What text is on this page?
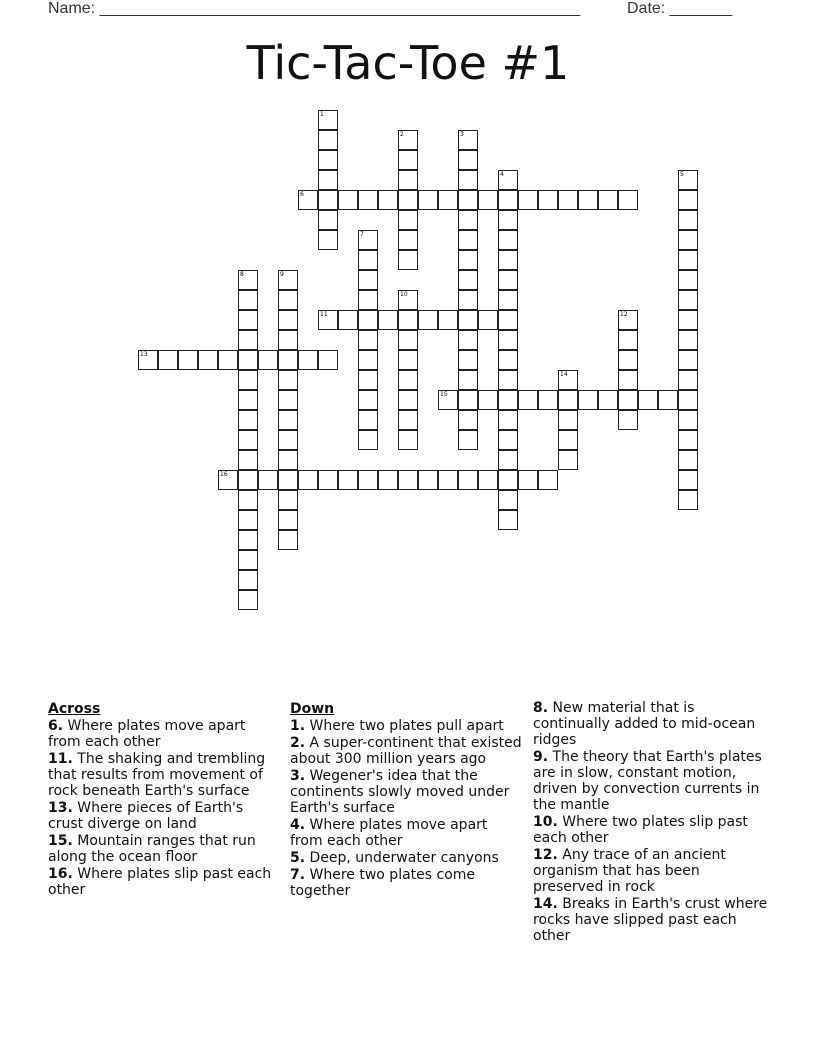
Name: ______________________________________________________	Date: _______
Tic-Tac-Toe #1
1
2	3
4	5
6
7
8	9
10
11	12
13
14
15
16
Across
6. Where plates move apart from each other
11. The shaking and trembling that results from movement of rock beneath Earth's surface
13. Where pieces of Earth's crust diverge on land
15. Mountain ranges that run along the ocean floor
16. Where plates slip past each other
Down
1. Where two plates pull apart
2. A super-continent that existed about 300 million years ago
3. Wegener's idea that the continents slowly moved under Earth's surface
4. Where plates move apart from each other
5. Deep, underwater canyons
7. Where two plates come together
8. New material that is continually added to mid-ocean ridges
9. The theory that Earth's plates are in slow, constant motion, driven by convection currents in the mantle
10. Where two plates slip past each other
12. Any trace of an ancient organism that has been preserved in rock
14. Breaks in Earth's crust where rocks have slipped past each other
